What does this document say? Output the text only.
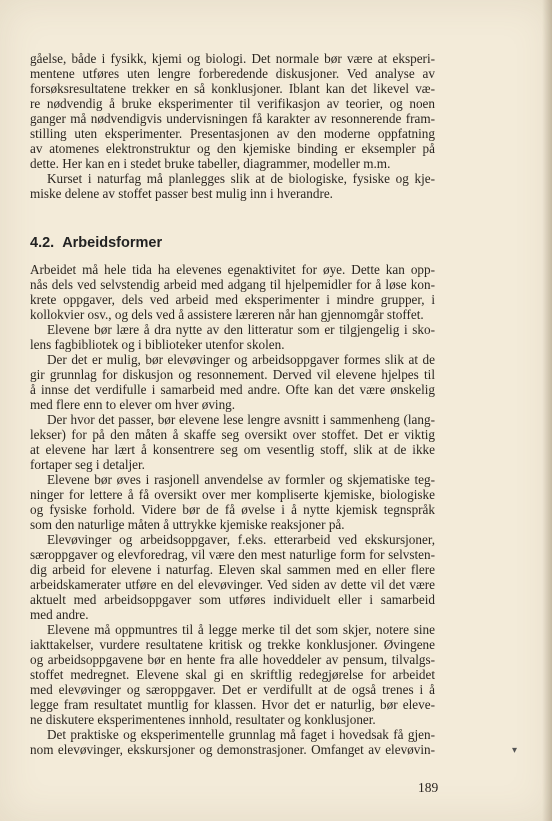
gåelse, både i fysikk, kjemi og biologi. Det normale bør være at eksperi-
mentene utføres uten lengre forberedende diskusjoner. Ved analyse av
forsøksresultatene trekker en så konklusjoner. Iblant kan det likevel væ-
re nødvendig å bruke eksperimenter til verifikasjon av teorier, og noen
ganger må nødvendigvis undervisningen få karakter av resonnerende fram-
stilling uten eksperimenter. Presentasjonen av den moderne oppfatning
av atomenes elektronstruktur og den kjemiske binding er eksempler på
dette. Her kan en i stedet bruke tabeller, diagrammer, modeller m.m.
Kurset i naturfag må planlegges slik at de biologiske, fysiske og kje-
miske delene av stoffet passer best mulig inn i hverandre.
4.2. Arbeidsformer
Arbeidet må hele tida ha elevenes egenaktivitet for øye. Dette kan opp-
nås dels ved selvstendig arbeid med adgang til hjelpemidler for å løse kon-
krete oppgaver, dels ved arbeid med eksperimenter i mindre grupper, i
kollokvier osv., og dels ved å assistere læreren når han gjennomgår stoffet.
Elevene bør lære å dra nytte av den litteratur som er tilgjengelig i sko-
lens fagbibliotek og i biblioteker utenfor skolen.
Der det er mulig, bør elevøvinger og arbeidsoppgaver formes slik at de
gir grunnlag for diskusjon og resonnement. Derved vil elevene hjelpes til
å innse det verdifulle i samarbeid med andre. Ofte kan det være ønskelig
med flere enn to elever om hver øving.
Der hvor det passer, bør elevene lese lengre avsnitt i sammenheng (lang-
lekser) for på den måten å skaffe seg oversikt over stoffet. Det er viktig
at elevene har lært å konsentrere seg om vesentlig stoff, slik at de ikke
fortaper seg i detaljer.
Elevene bør øves i rasjonell anvendelse av formler og skjematiske teg-
ninger for lettere å få oversikt over mer kompliserte kjemiske, biologiske
og fysiske forhold. Videre bør de få øvelse i å nytte kjemisk tegnspråk
som den naturlige måten å uttrykke kjemiske reaksjoner på.
Elevøvinger og arbeidsoppgaver, f.eks. etterarbeid ved ekskursjoner,
særoppgaver og elevforedrag, vil være den mest naturlige form for selvsten-
dig arbeid for elevene i naturfag. Eleven skal sammen med en eller flere
arbeidskamerater utføre en del elevøvinger. Ved siden av dette vil det være
aktuelt med arbeidsoppgaver som utføres individuelt eller i samarbeid
med andre.
Elevene må oppmuntres til å legge merke til det som skjer, notere sine
iakttakelser, vurdere resultatene kritisk og trekke konklusjoner. Øvingene
og arbeidsoppgavene bør en hente fra alle hoveddeler av pensum, tilvalgs-
stoffet medregnet. Elevene skal gi en skriftlig redegjørelse for arbeidet
med elevøvinger og særoppgaver. Det er verdifullt at de også trenes i å
legge fram resultatet muntlig for klassen. Hvor det er naturlig, bør eleve-
ne diskutere eksperimentenes innhold, resultater og konklusjoner.
Det praktiske og eksperimentelle grunnlag må faget i hovedsak få gjen-
nom elevøvinger, ekskursjoner og demonstrasjoner. Omfanget av elevøvin-	▾
189
